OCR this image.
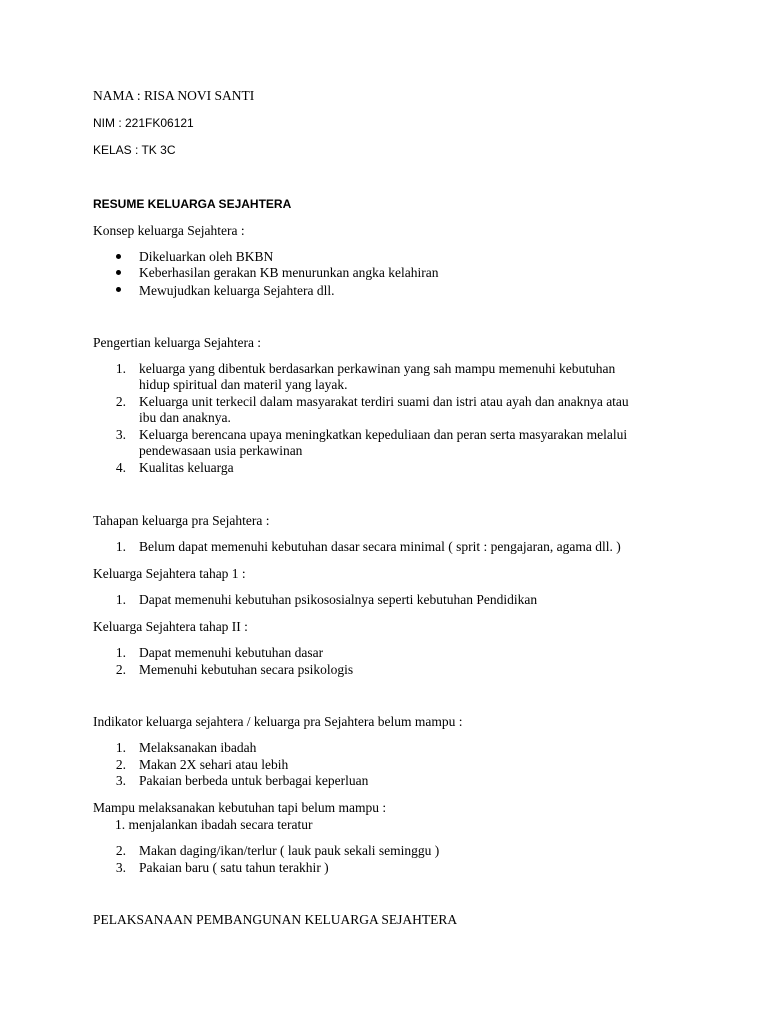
NAMA : RISA NOVI SANTI
NIM : 221FK06121
KELAS : TK 3C
RESUME KELUARGA SEJAHTERA
Konsep keluarga Sejahtera :
Dikeluarkan oleh BKBN
Keberhasilan gerakan KB menurunkan angka kelahiran
Mewujudkan keluarga Sejahtera dll.
Pengertian keluarga Sejahtera :
1. keluarga yang dibentuk berdasarkan perkawinan yang sah mampu memenuhi kebutuhan
hidup spiritual dan materil yang layak.
2. Keluarga unit terkecil dalam masyarakat terdiri suami dan istri atau ayah dan anaknya atau
ibu dan anaknya.
3. Keluarga berencana upaya meningkatkan kepeduliaan dan peran serta masyarakan melalui
pendewasaan usia perkawinan
4. Kualitas keluarga
Tahapan keluarga pra Sejahtera :
1. Belum dapat memenuhi kebutuhan dasar secara minimal ( sprit : pengajaran, agama dll. )
Keluarga Sejahtera tahap 1 :
1. Dapat memenuhi kebutuhan psikososialnya seperti kebutuhan Pendidikan
Keluarga Sejahtera tahap II :
1. Dapat memenuhi kebutuhan dasar
2. Memenuhi kebutuhan secara psikologis
Indikator keluarga sejahtera / keluarga pra Sejahtera belum mampu :
1. Melaksanakan ibadah
2. Makan 2X sehari atau lebih
3. Pakaian berbeda untuk berbagai keperluan
Mampu melaksanakan kebutuhan tapi belum mampu :
1. menjalankan ibadah secara teratur
2. Makan daging/ikan/terlur ( lauk pauk sekali seminggu )
3. Pakaian baru ( satu tahun terakhir )
PELAKSANAAN PEMBANGUNAN KELUARGA SEJAHTERA
